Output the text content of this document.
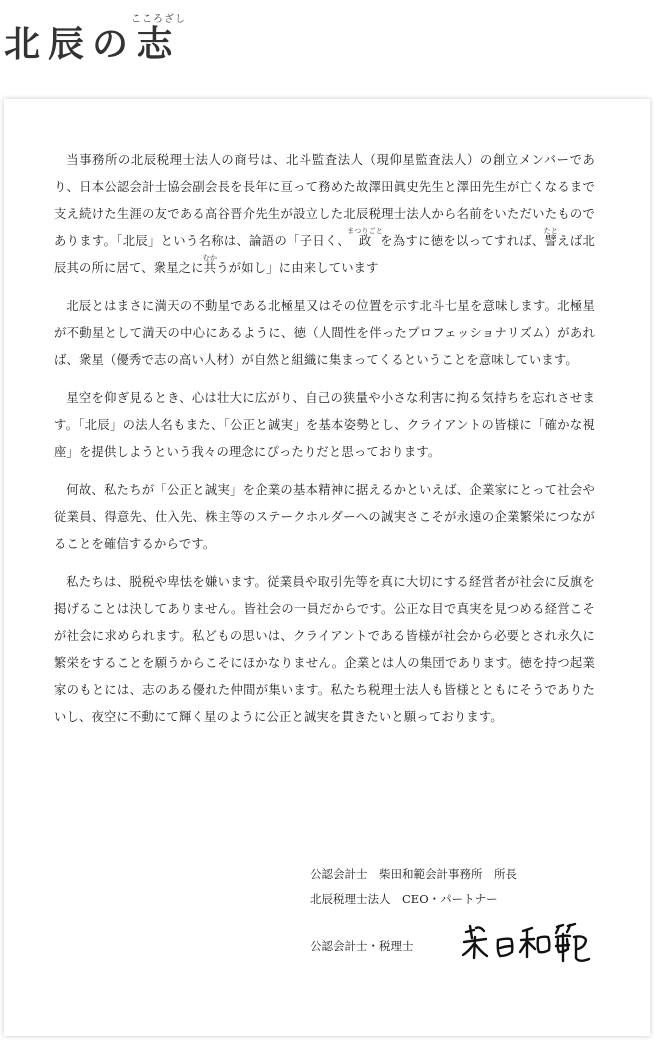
北辰の志こころざし

当事務所の北辰税理士法人の商号は、北斗監査法人（現仰星監査法人）の創立メンバーであり、日本公認会計士協会副会長を長年に亘って務めた故澤田眞史先生と澤田先生が亡くなるまで支え続けた生涯の友である高谷晋介先生が設立した北辰税理士法人から名前をいただいたものであります。「北辰」という名称は、論語の「子日く、政まつりごとを為すに徳を以ってすれば、譬たとえば北辰其の所に居て、衆星之に共むかうが如し」に由来しています

北辰とはまさに満天の不動星である北極星又はその位置を示す北斗七星を意味します。北極星が不動星として満天の中心にあるように、徳（人間性を伴ったプロフェッショナリズム）があれば、衆星（優秀で志の高い人材）が自然と組織に集まってくるということを意味しています。

星空を仰ぎ見るとき、心は壮大に広がり、自己の狭量や小さな利害に拘る気持ちを忘れさせます。「北辰」の法人名もまた、「公正と誠実」を基本姿勢とし、クライアントの皆様に「確かな視座」を提供しようという我々の理念にぴったりだと思っております。

何故、私たちが「公正と誠実」を企業の基本精神に据えるかといえば、企業家にとって社会や従業員、得意先、仕入先、株主等のステークホルダーへの誠実さこそが永遠の企業繁栄につながることを確信するからです。

私たちは、脱税や卑怯を嫌います。従業員や取引先等を真に大切にする経営者が社会に反旗を掲げることは決してありません。皆社会の一員だからです。公正な目で真実を見つめる経営こそが社会に求められます。私どもの思いは、クライアントである皆様が社会から必要とされ永久に繁栄をすることを願うからこそにほかなりません。企業とは人の集団であります。徳を持つ起業家のもとには、志のある優れた仲間が集います。私たち税理士法人も皆様とともにそうでありたいし、夜空に不動にて輝く星のように公正と誠実を貫きたいと願っております。

公認会計士　柴田和範会計事務所　所長
北辰税理士法人　CEO・パートナー
公認会計士・税理士
